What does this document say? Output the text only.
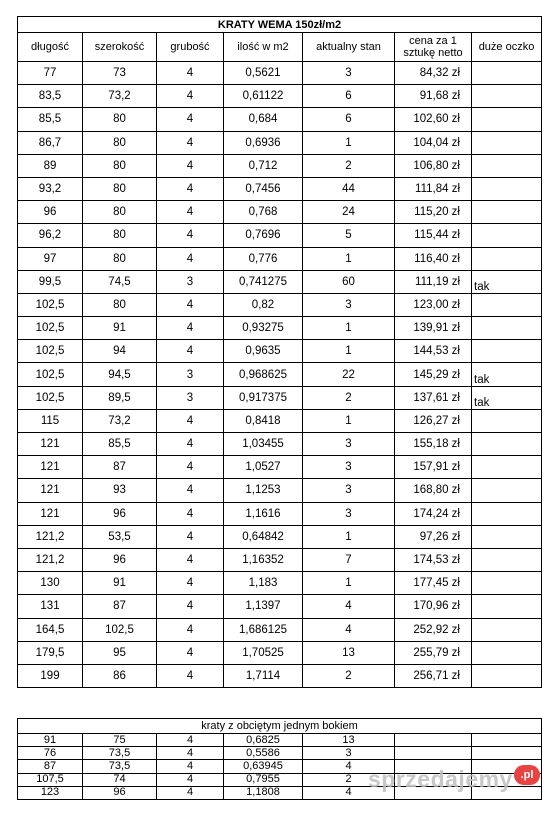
KRATY WEMA 150zł/m2						
długość	szerokość	grubość	ilość w m2	aktualny stan	cena za 1 sztukę netto	duże oczko
77	73	4	0,5621	3	84,32 zł	
83,5	73,2	4	0,61122	6	91,68 zł	
85,5	80	4	0,684	6	102,60 zł	
86,7	80	4	0,6936	1	104,04 zł	
89	80	4	0,712	2	106,80 zł	
93,2	80	4	0,7456	44	111,84 zł	
96	80	4	0,768	24	115,20 zł	
96,2	80	4	0,7696	5	115,44 zł	
97	80	4	0,776	1	116,40 zł	
99,5	74,5	3	0,741275	60	111,19 zł	tak
102,5	80	4	0,82	3	123,00 zł	
102,5	91	4	0,93275	1	139,91 zł	
102,5	94	4	0,9635	1	144,53 zł	
102,5	94,5	3	0,968625	22	145,29 zł	tak
102,5	89,5	3	0,917375	2	137,61 zł	tak
115	73,2	4	0,8418	1	126,27 zł	
121	85,5	4	1,03455	3	155,18 zł	
121	87	4	1,0527	3	157,91 zł	
121	93	4	1,1253	3	168,80 zł	
121	96	4	1,1616	3	174,24 zł	
121,2	53,5	4	0,64842	1	97,26 zł	
121,2	96	4	1,16352	7	174,53 zł	
130	91	4	1,183	1	177,45 zł	
131	87	4	1,1397	4	170,96 zł	
164,5	102,5	4	1,686125	4	252,92 zł	
179,5	95	4	1,70525	13	255,79 zł	
199	86	4	1,7114	2	256,71 zł	
kraty z obciętym jednym bokiem						
91	75	4	0,6825	13		
76	73,5	4	0,5586	3		
87	73,5	4	0,63945	4		
107,5	74	4	0,7955	2		
123	96	4	1,1808	4		
sprzedajemy .pl
